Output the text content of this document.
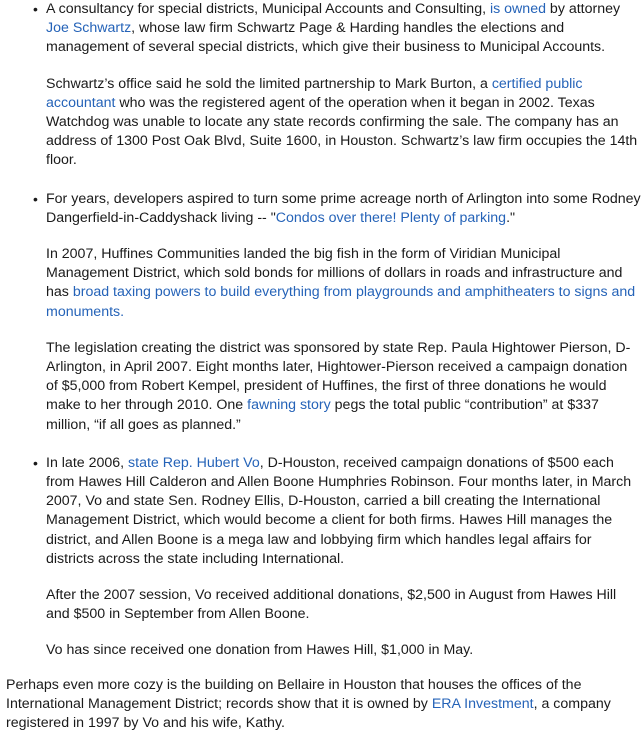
• A consultancy for special districts, Municipal Accounts and Consulting, is owned by attorney Joe Schwartz, whose law firm Schwartz Page & Harding handles the elections and management of several special districts, which give their business to Municipal Accounts.

Schwartz’s office said he sold the limited partnership to Mark Burton, a certified public accountant who was the registered agent of the operation when it began in 2002. Texas Watchdog was unable to locate any state records confirming the sale. The company has an address of 1300 Post Oak Blvd, Suite 1600, in Houston. Schwartz’s law firm occupies the 14th floor.

• For years, developers aspired to turn some prime acreage north of Arlington into some Rodney Dangerfield-in-Caddyshack living -- "Condos over there! Plenty of parking."

In 2007, Huffines Communities landed the big fish in the form of Viridian Municipal Management District, which sold bonds for millions of dollars in roads and infrastructure and has broad taxing powers to build everything from playgrounds and amphitheaters to signs and monuments.

The legislation creating the district was sponsored by state Rep. Paula Hightower Pierson, D-Arlington, in April 2007. Eight months later, Hightower-Pierson received a campaign donation of $5,000 from Robert Kempel, president of Huffines, the first of three donations he would make to her through 2010. One fawning story pegs the total public “contribution” at $337 million, “if all goes as planned.”

• In late 2006, state Rep. Hubert Vo, D-Houston, received campaign donations of $500 each from Hawes Hill Calderon and Allen Boone Humphries Robinson. Four months later, in March 2007, Vo and state Sen. Rodney Ellis, D-Houston, carried a bill creating the International Management District, which would become a client for both firms. Hawes Hill manages the district, and Allen Boone is a mega law and lobbying firm which handles legal affairs for districts across the state including International.

After the 2007 session, Vo received additional donations, $2,500 in August from Hawes Hill and $500 in September from Allen Boone.

Vo has since received one donation from Hawes Hill, $1,000 in May.

Perhaps even more cozy is the building on Bellaire in Houston that houses the offices of the International Management District; records show that it is owned by ERA Investment, a company registered in 1997 by Vo and his wife, Kathy.
